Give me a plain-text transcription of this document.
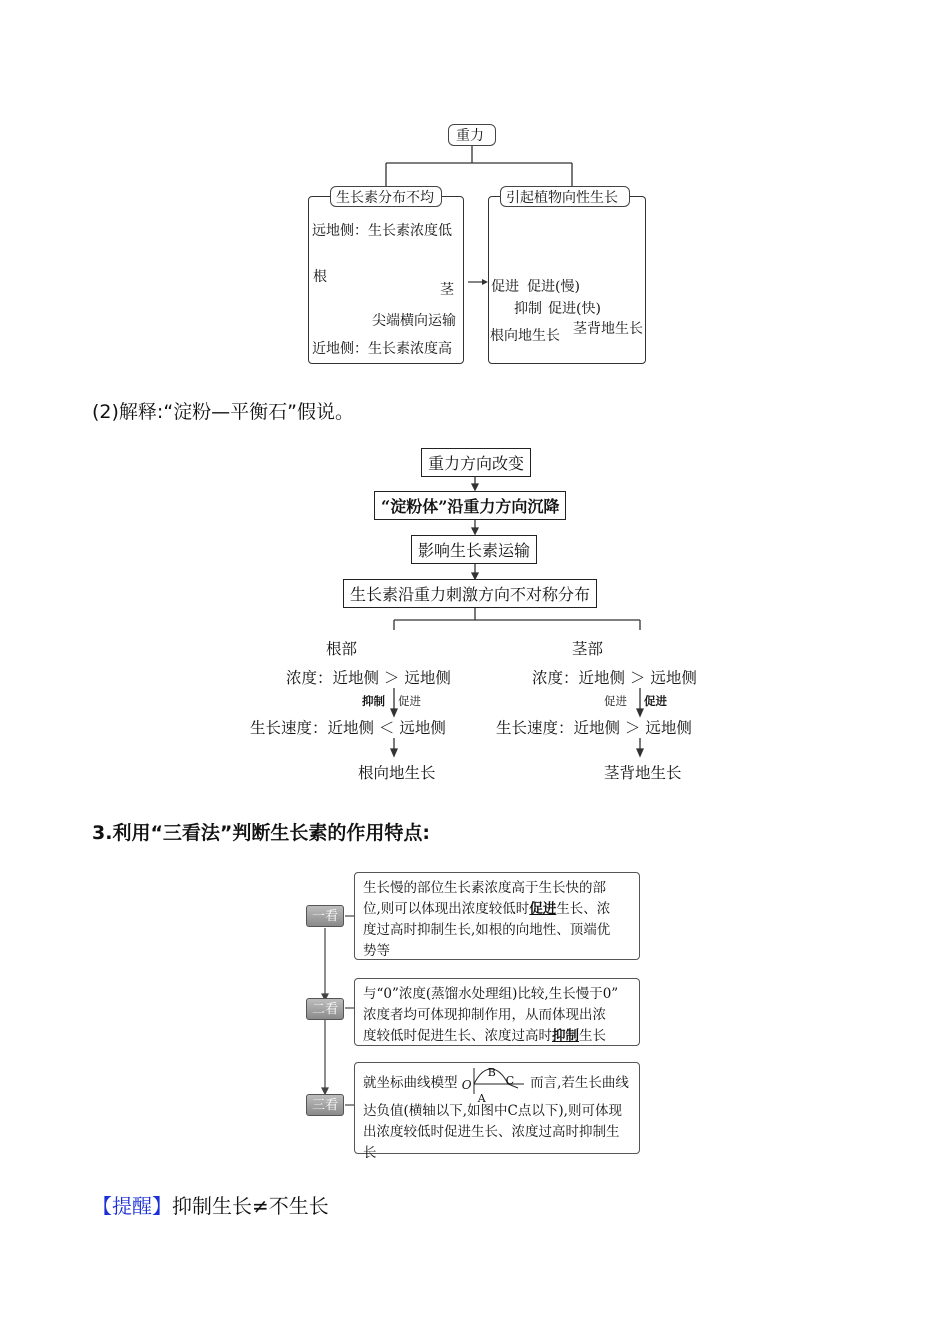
重力
生长素分布不均
远地侧：生长素浓度低
根
茎
尖端横向运输
近地侧：生长素浓度高
引起植物向性生长
促进 促进(慢)
抑制 促进(快)
根向地生长 茎背地生长
(2)解释:“淀粉—平衡石”假说。
重力方向改变
“淀粉体”沿重力方向沉降
影响生长素运输
生长素沿重力刺激方向不对称分布
根部
浓度：近地侧 ＞ 远地侧
抑制 促进
生长速度：近地侧 ＜ 远地侧
根向地生长
茎部
浓度：近地侧 ＞ 远地侧
促进 促进
生长速度：近地侧 ＞ 远地侧
茎背地生长
3.利用“三看法”判断生长素的作用特点:
一看
二看
三看
生长慢的部位生长素浓度高于生长快的部
位,则可以体现出浓度较低时促进生长、浓
度过高时抑制生长,如根的向地性、顶端优
势等
与“0”浓度(蒸馏水处理组)比较,生长慢于0”
浓度者均可体现抑制作用，从而体现出浓
度较低时促进生长、浓度过高时抑制生长
就坐标曲线模型 O
B
C
A
而言,若生长曲线
达负值(横轴以下,如图中C点以下),则可体现
出浓度较低时促进生长、浓度过高时抑制生长
【提醒】抑制生长≠不生长
